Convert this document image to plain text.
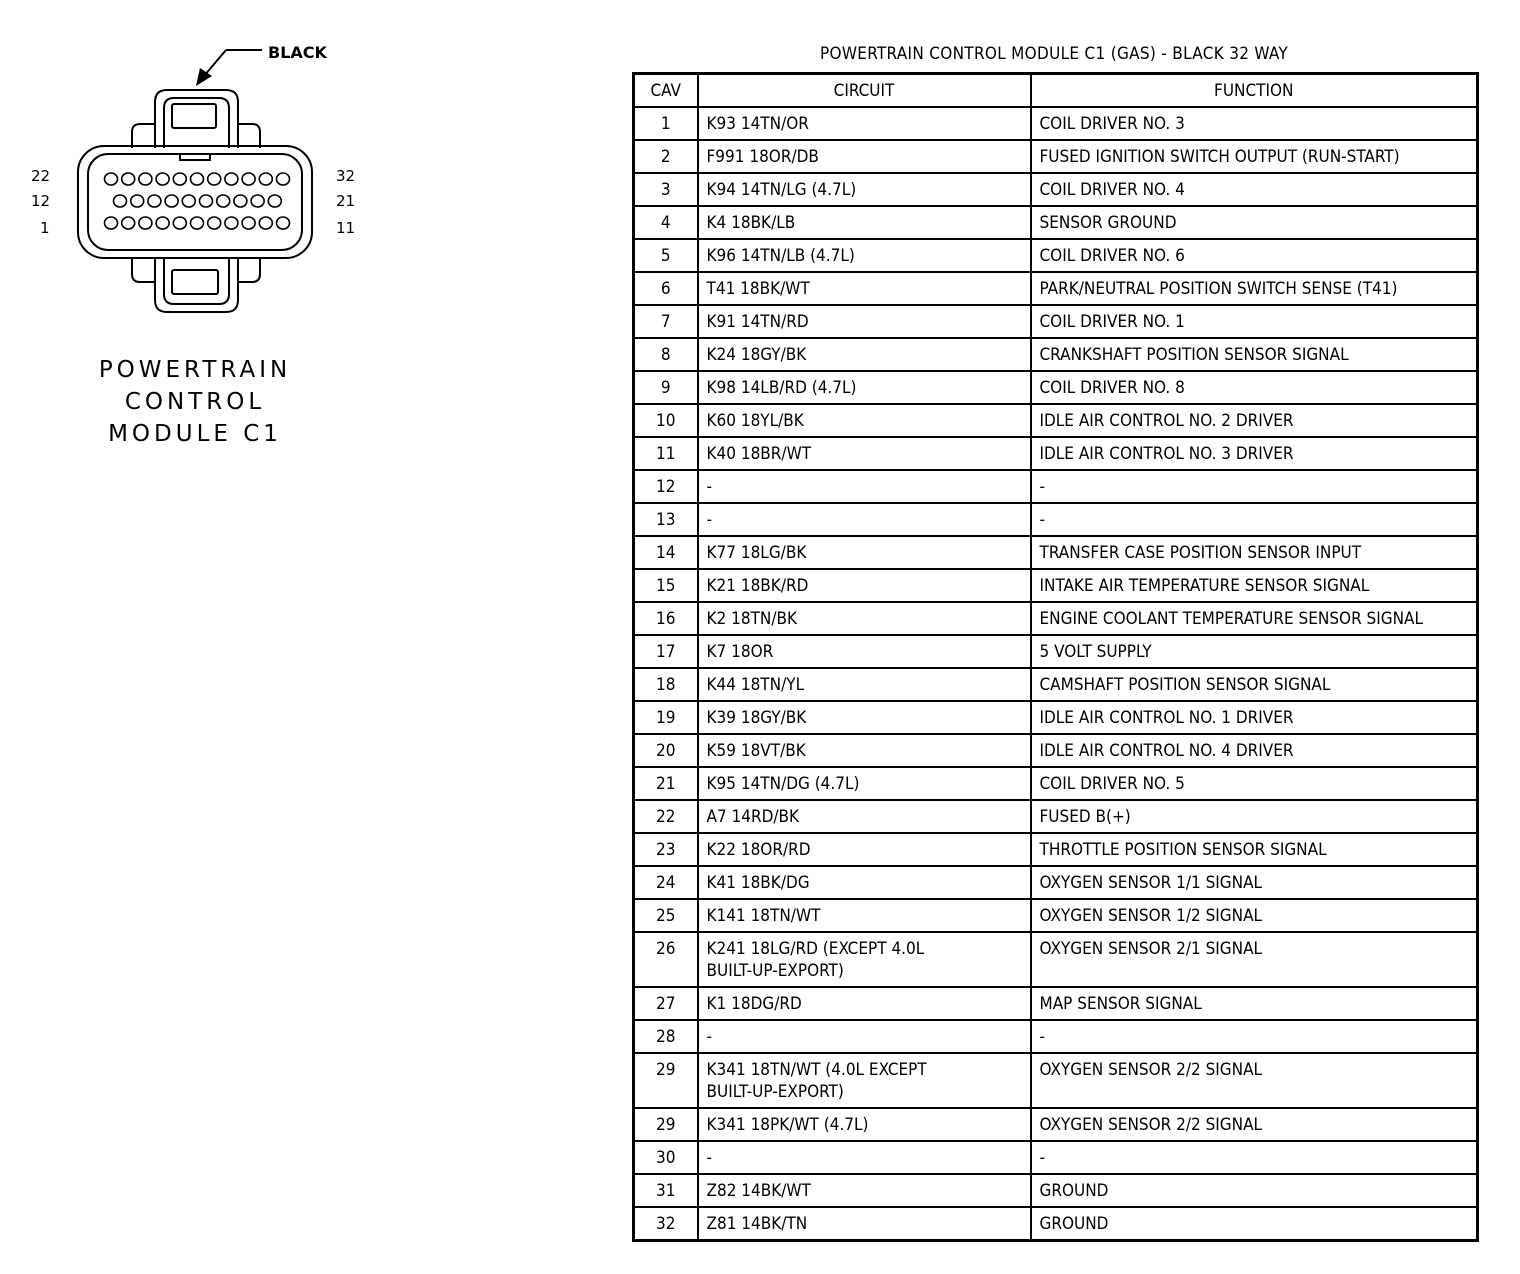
BLACK
22
12
1
32
21
11
POWERTRAIN
CONTROL
MODULE C1
POWERTRAIN CONTROL MODULE C1 (GAS) - BLACK 32 WAY
CAV	CIRCUIT	FUNCTION
1	K93 14TN/OR	COIL DRIVER NO. 3
2	F991 18OR/DB	FUSED IGNITION SWITCH OUTPUT (RUN-START)
3	K94 14TN/LG (4.7L)	COIL DRIVER NO. 4
4	K4 18BK/LB	SENSOR GROUND
5	K96 14TN/LB (4.7L)	COIL DRIVER NO. 6
6	T41 18BK/WT	PARK/NEUTRAL POSITION SWITCH SENSE (T41)
7	K91 14TN/RD	COIL DRIVER NO. 1
8	K24 18GY/BK	CRANKSHAFT POSITION SENSOR SIGNAL
9	K98 14LB/RD (4.7L)	COIL DRIVER NO. 8
10	K60 18YL/BK	IDLE AIR CONTROL NO. 2 DRIVER
11	K40 18BR/WT	IDLE AIR CONTROL NO. 3 DRIVER
12	-	-
13	-	-
14	K77 18LG/BK	TRANSFER CASE POSITION SENSOR INPUT
15	K21 18BK/RD	INTAKE AIR TEMPERATURE SENSOR SIGNAL
16	K2 18TN/BK	ENGINE COOLANT TEMPERATURE SENSOR SIGNAL
17	K7 18OR	5 VOLT SUPPLY
18	K44 18TN/YL	CAMSHAFT POSITION SENSOR SIGNAL
19	K39 18GY/BK	IDLE AIR CONTROL NO. 1 DRIVER
20	K59 18VT/BK	IDLE AIR CONTROL NO. 4 DRIVER
21	K95 14TN/DG (4.7L)	COIL DRIVER NO. 5
22	A7 14RD/BK	FUSED B(+)
23	K22 18OR/RD	THROTTLE POSITION SENSOR SIGNAL
24	K41 18BK/DG	OXYGEN SENSOR 1/1 SIGNAL
25	K141 18TN/WT	OXYGEN SENSOR 1/2 SIGNAL
26	K241 18LG/RD (EXCEPT 4.0L
BUILT-UP-EXPORT)	OXYGEN SENSOR 2/1 SIGNAL
27	K1 18DG/RD	MAP SENSOR SIGNAL
28	-	-
29	K341 18TN/WT (4.0L EXCEPT
BUILT-UP-EXPORT)	OXYGEN SENSOR 2/2 SIGNAL
29	K341 18PK/WT (4.7L)	OXYGEN SENSOR 2/2 SIGNAL
30	-	-
31	Z82 14BK/WT	GROUND
32	Z81 14BK/TN	GROUND
